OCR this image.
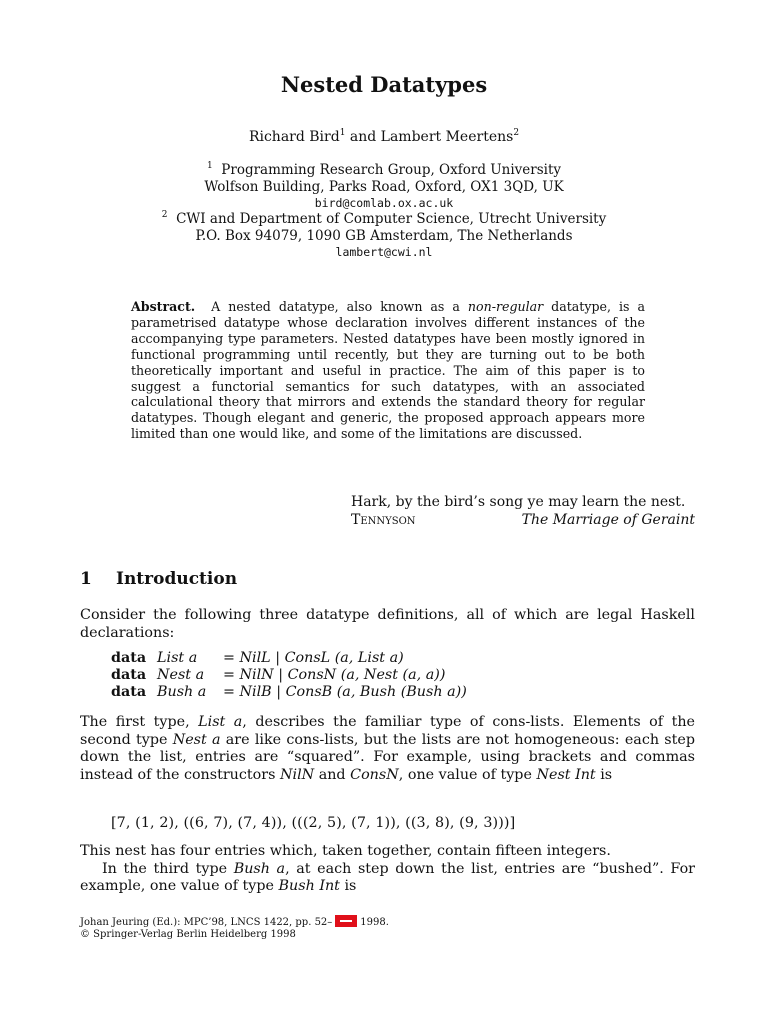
Nested Datatypes
Richard Bird$^1$ and Lambert Meertens$^2$
$^1$ Programming Research Group, Oxford University
Wolfson Building, Parks Road, Oxford, OX1 3QD, UK
bird@comlab.ox.ac.uk
$^2$ CWI and Department of Computer Science, Utrecht University
P.O. Box 94079, 1090 GB Amsterdam, The Netherlands
lambert@cwi.nl
Abstract. A nested datatype, also known as a non-regular datatype, is a parametrised datatype whose declaration involves different instances of the accompanying type parameters. Nested datatypes have been mostly ignored in functional programming until recently, but they are turning out to be both theoretically important and useful in practice. The aim of this paper is to suggest a functorial semantics for such datatypes, with an associated calculational theory that mirrors and extends the standard theory for regular datatypes. Though elegant and generic, the proposed approach appears more limited than one would like, and some of the limitations are discussed.
Hark, by the bird’s song ye may learn the nest.
Tennyson	The Marriage of Geraint
1 Introduction
Consider the following three datatype definitions, all of which are legal Haskell declarations:
data List a	= NilL | ConsL (a, List a)
data Nest a	= NilN | ConsN (a, Nest (a, a))
data Bush a	= NilB | ConsB (a, Bush (Bush a))
The first type, List a, describes the familiar type of cons-lists. Elements of the second type Nest a are like cons-lists, but the lists are not homogeneous: each step down the list, entries are “squared”. For example, using brackets and commas instead of the constructors NilN and ConsN, one value of type Nest Int is
[7, (1, 2), ((6, 7), (7, 4)), (((2, 5), (7, 1)), ((3, 8), (9, 3)))]
This nest has four entries which, taken together, contain fifteen integers.
In the third type Bush a, at each step down the list, entries are “bushed”. For example, one value of type Bush Int is
Johan Jeuring (Ed.): MPC’98, LNCS 1422, pp. 52–	1998.
© Springer-Verlag Berlin Heidelberg 1998
